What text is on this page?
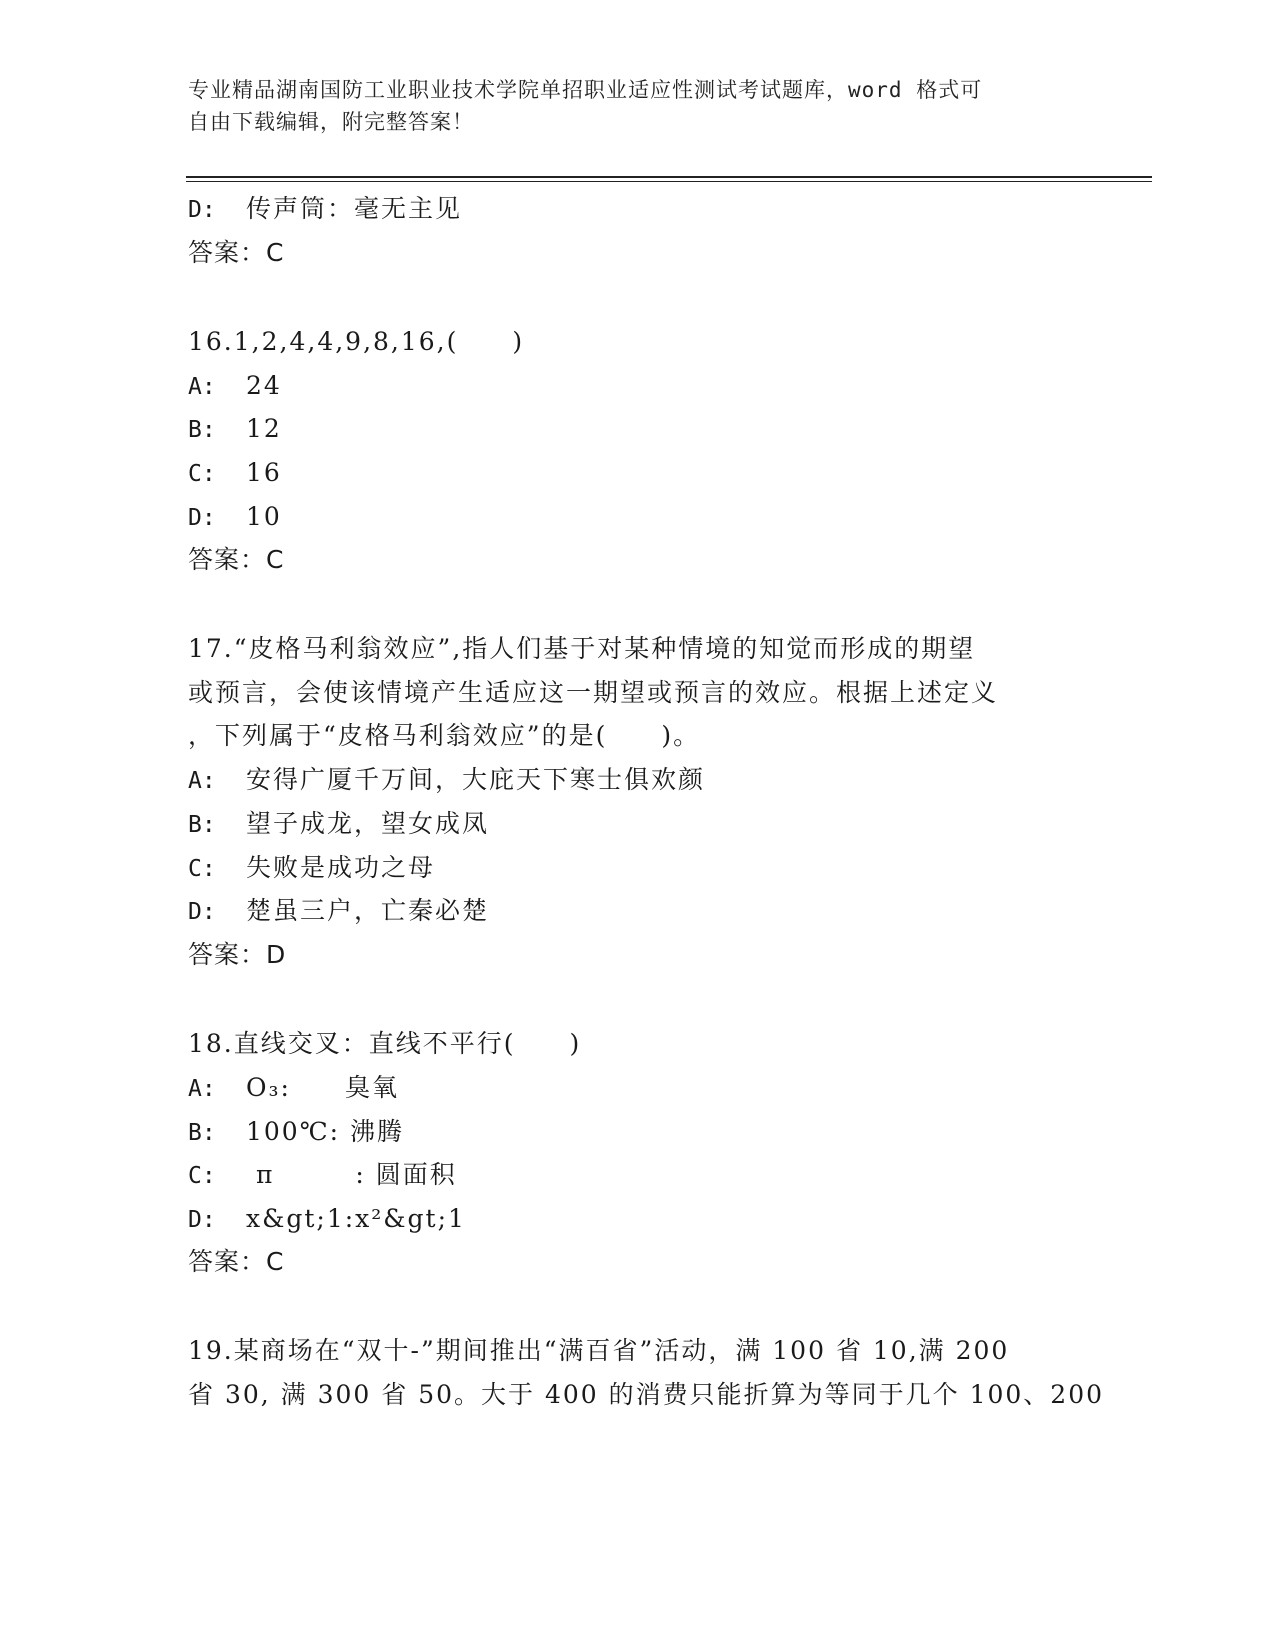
专业精品湖南国防工业职业技术学院单招职业适应性测试考试题库，word 格式可
自由下载编辑，附完整答案！
D: 传声筒：毫无主见
答案：C
16.1,2,4,4,9,8,16,(　　)
A: 24
B: 12
C: 16
D: 10
答案：C
17.“皮格马利翁效应”,指人们基于对某种情境的知觉而形成的期望
或预言，会使该情境产生适应这一期望或预言的效应。根据上述定义
，下列属于“皮格马利翁效应”的是(　　)。
A: 安得广厦千万间，大庇天下寒士俱欢颜
B: 望子成龙，望女成凤
C: 失败是成功之母
D: 楚虽三户，亡秦必楚
答案：D
18.直线交叉：直线不平行(　　)
A: O₃:　　臭氧
B: 100℃: 沸腾
C: π　　　: 圆面积
D: x&gt;1:x²&gt;1
答案：C
19.某商场在“双十-”期间推出“满百省”活动，满 100 省 10,满 200
省 30, 满 300 省 50。大于 400 的消费只能折算为等同于几个 100、200
